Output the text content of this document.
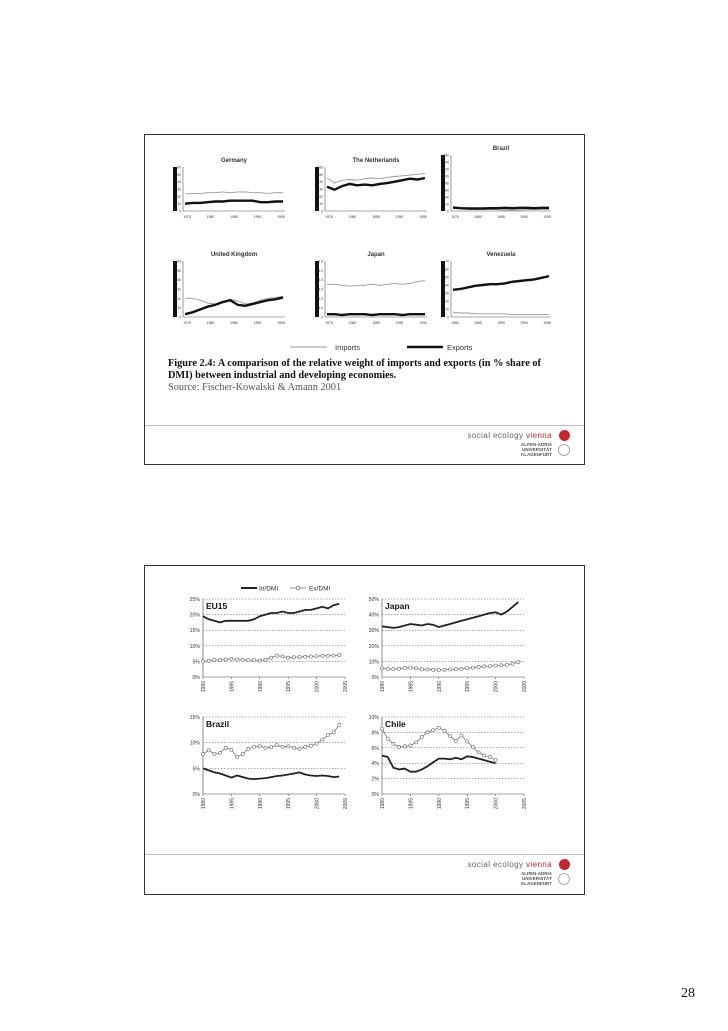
Germany
60
50
40
30
20
10
0
1975	1980	1985	1990	1995
The Netherlands
60
50
40
30
20
10
0
1975	1980	1985	1990	1995
Brazil
160
140
120
100
80
60
40
20
0
1975	1980	1985	1990	1995
United Kingdom
60
50
40
30
20
10
0
1975	1980	1985	1990	1995
Japan
6.0
5.0
4.0
3.0
2.0
1.0
0
1975	1980	1985	1990	1995
Venezuela
70
60
50
40
30
20
10
0
1980	1985	1990	1994	1996
Imports	Exports
Figure 2.4: A comparison of the relative weight of imports and exports (in % share of DMI) between industrial and developing economies.
Source: Fischer-Kowalski & Amann 2001
social ecology vienna
ALPEN-ADRIA
UNIVERSITÄT
KLAGENFURT
In/DMI	Ex/DMI
25%
20%
15%
10%
5%
0%
1980	1985	1990	1995	2000	2005
EU15
50%
40%
30%
20%
10%
0%
1980	1985	1990	1995	2000	2005
Japan
15%
10%
5%
0%
1980	1985	1990	1995	2000	2005
Brazil
10%
8%
6%
4%
2%
0%
1980	1985	1990	1995	2000	2005
Chile
social ecology vienna
ALPEN-ADRIA
UNIVERSITÄT
KLAGENFURT
28
